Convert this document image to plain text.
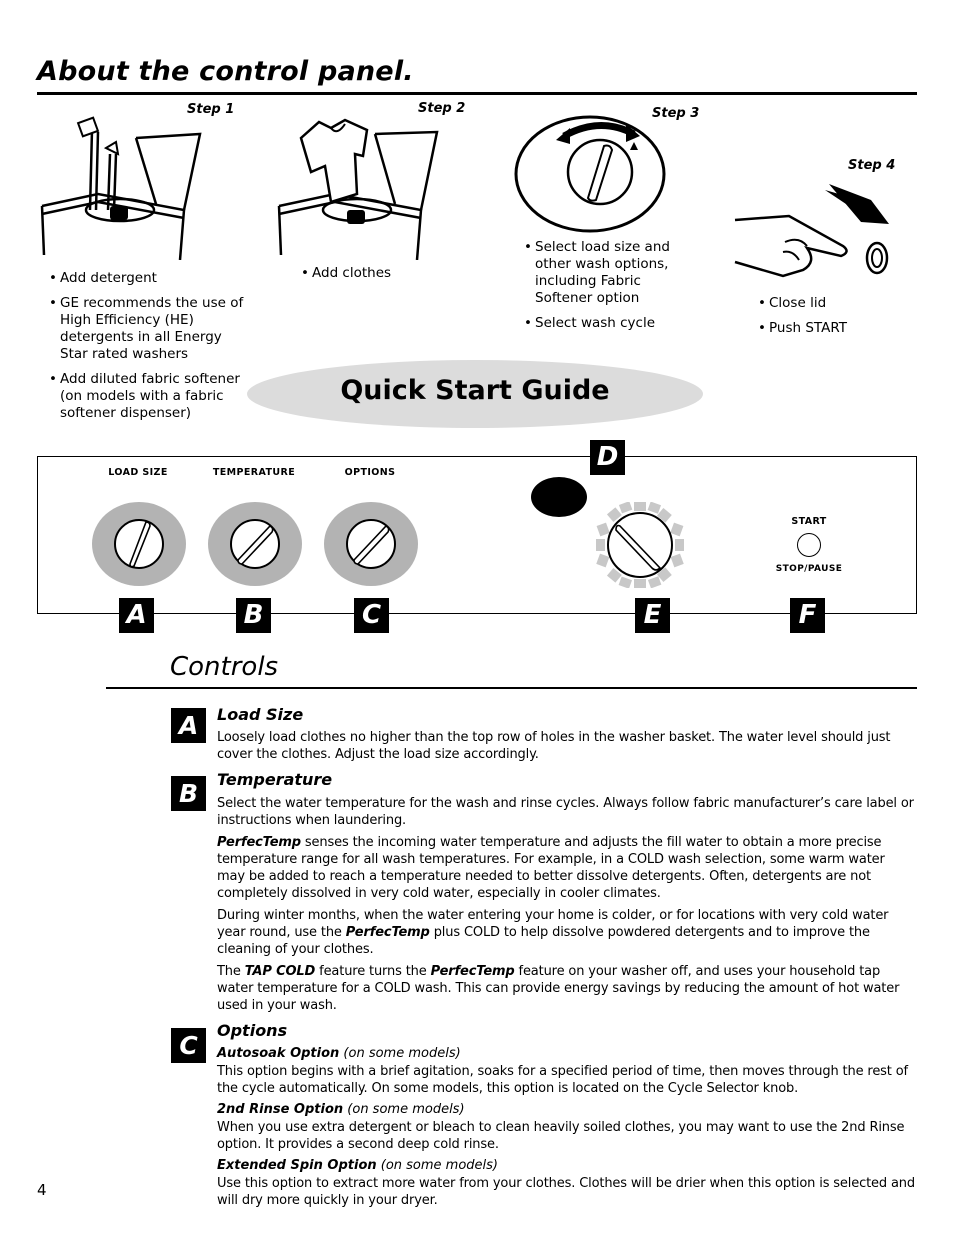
About the control panel.
Step 1	Step 2	Step 3
Step 4
• Add detergent
• GE recommends the use of High Efficiency (HE) detergents in all Energy Star rated washers
• Add diluted fabric softener (on models with a fabric softener dispenser)
• Add clothes
• Select load size and other wash options, including Fabric Softener option
• Select wash cycle
• Close lid
• Push START
Quick Start Guide
LOAD SIZE	TEMPERATURE	OPTIONS
START
STOP/PAUSE
A	B	C
D
E	F
Controls
A	Load Size
Loosely load clothes no higher than the top row of holes in the washer basket. The water level should just cover the clothes. Adjust the load size accordingly.
B	Temperature
Select the water temperature for the wash and rinse cycles. Always follow fabric manufacturer’s care label or instructions when laundering.
PerfecTemp senses the incoming water temperature and adjusts the fill water to obtain a more precise temperature range for all wash temperatures. For example, in a COLD wash selection, some warm water may be added to reach a temperature needed to better dissolve detergents. Often, detergents are not completely dissolved in very cold water, especially in cooler climates.
During winter months, when the water entering your home is colder, or for locations with very cold water year round, use the PerfecTemp plus COLD to help dissolve powdered detergents and to improve the cleaning of your clothes.
The TAP COLD feature turns the PerfecTemp feature on your washer off, and uses your household tap water temperature for a COLD wash. This can provide energy savings by reducing the amount of hot water used in your wash.
C
Options
Autosoak Option (on some models)
This option begins with a brief agitation, soaks for a specified period of time, then moves through the rest of the cycle automatically. On some models, this option is located on the Cycle Selector knob.
2nd Rinse Option (on some models)
When you use extra detergent or bleach to clean heavily soiled clothes, you may want to use the 2nd Rinse option. It provides a second deep cold rinse.
Extended Spin Option (on some models)
Use this option to extract more water from your clothes. Clothes will be drier when this option is selected and will dry more quickly in your dryer.
4
